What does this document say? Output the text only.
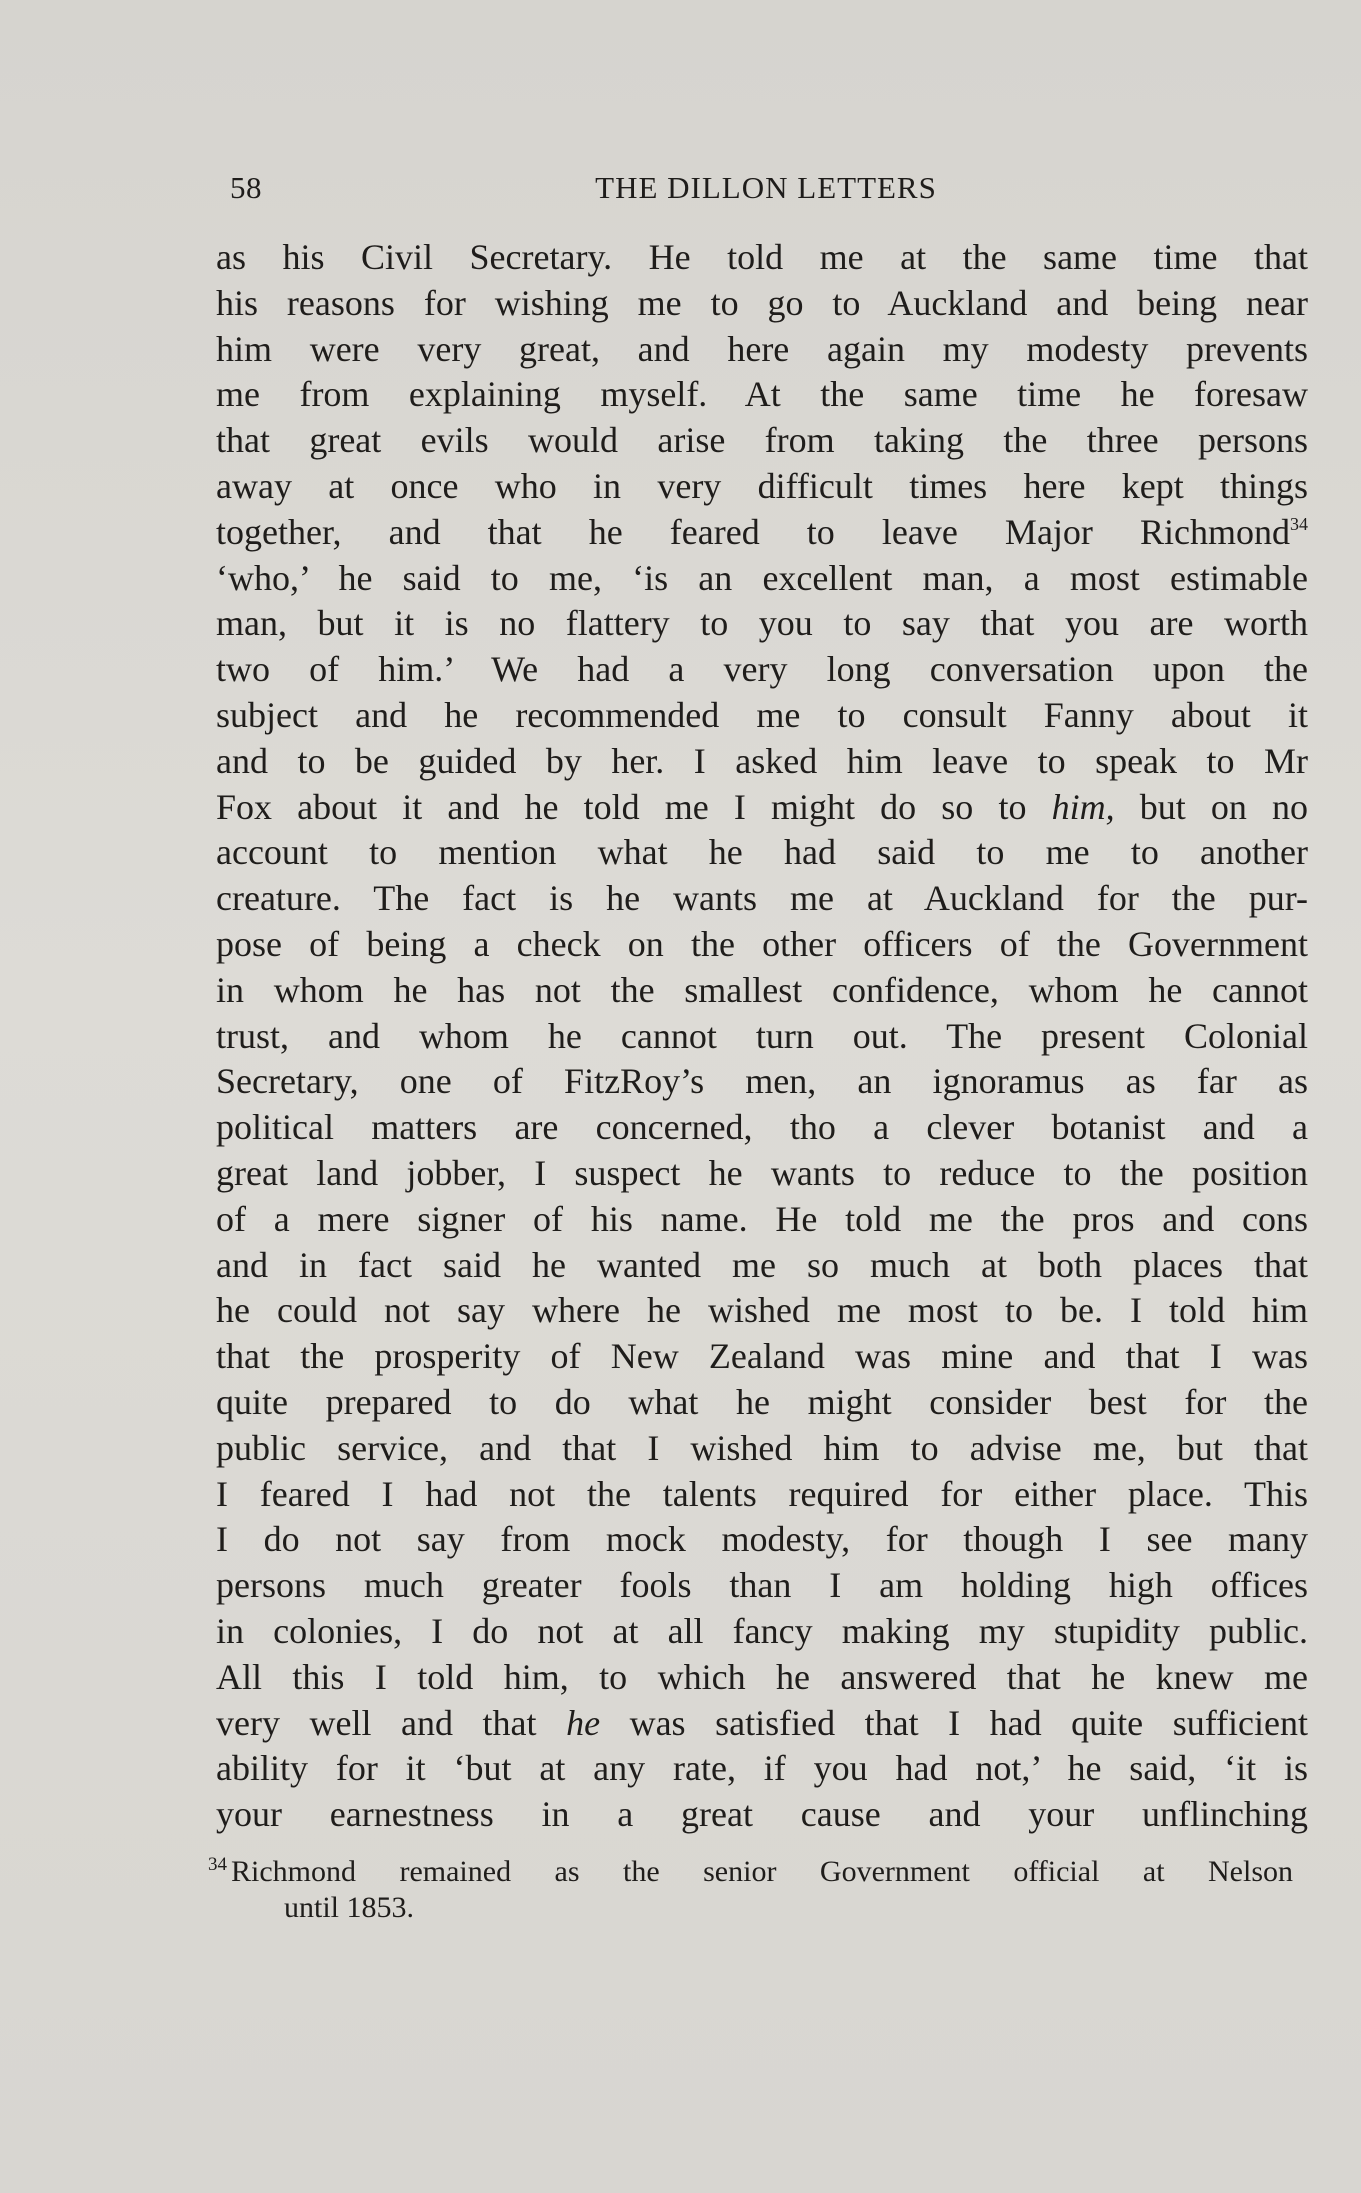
58	THE DILLON LETTERS
as his Civil Secretary. He told me at the same time that
his reasons for wishing me to go to Auckland and being near
him were very great, and here again my modesty prevents
me from explaining myself. At the same time he foresaw
that great evils would arise from taking the three persons
away at once who in very difficult times here kept things
together, and that he feared to leave Major Richmond$^{34}$
‘who,’ he said to me, ‘is an excellent man, a most estimable
man, but it is no flattery to you to say that you are worth
two of him.’ We had a very long conversation upon the
subject and he recommended me to consult Fanny about it
and to be guided by her. I asked him leave to speak to Mr
Fox about it and he told me I might do so to him, but on no
account to mention what he had said to me to another
creature. The fact is he wants me at Auckland for the pur-
pose of being a check on the other officers of the Government
in whom he has not the smallest confidence, whom he cannot
trust, and whom he cannot turn out. The present Colonial
Secretary, one of FitzRoy’s men, an ignoramus as far as
political matters are concerned, tho a clever botanist and a
great land jobber, I suspect he wants to reduce to the position
of a mere signer of his name. He told me the pros and cons
and in fact said he wanted me so much at both places that
he could not say where he wished me most to be. I told him
that the prosperity of New Zealand was mine and that I was
quite prepared to do what he might consider best for the
public service, and that I wished him to advise me, but that
I feared I had not the talents required for either place. This
I do not say from mock modesty, for though I see many
persons much greater fools than I am holding high offices
in colonies, I do not at all fancy making my stupidity public.
All this I told him, to which he answered that he knew me
very well and that he was satisfied that I had quite sufficient
ability for it ‘but at any rate, if you had not,’ he said, ‘it is
your earnestness in a great cause and your unflinching
$^{34}$ Richmond remained as the senior Government official at Nelson
until 1853.
